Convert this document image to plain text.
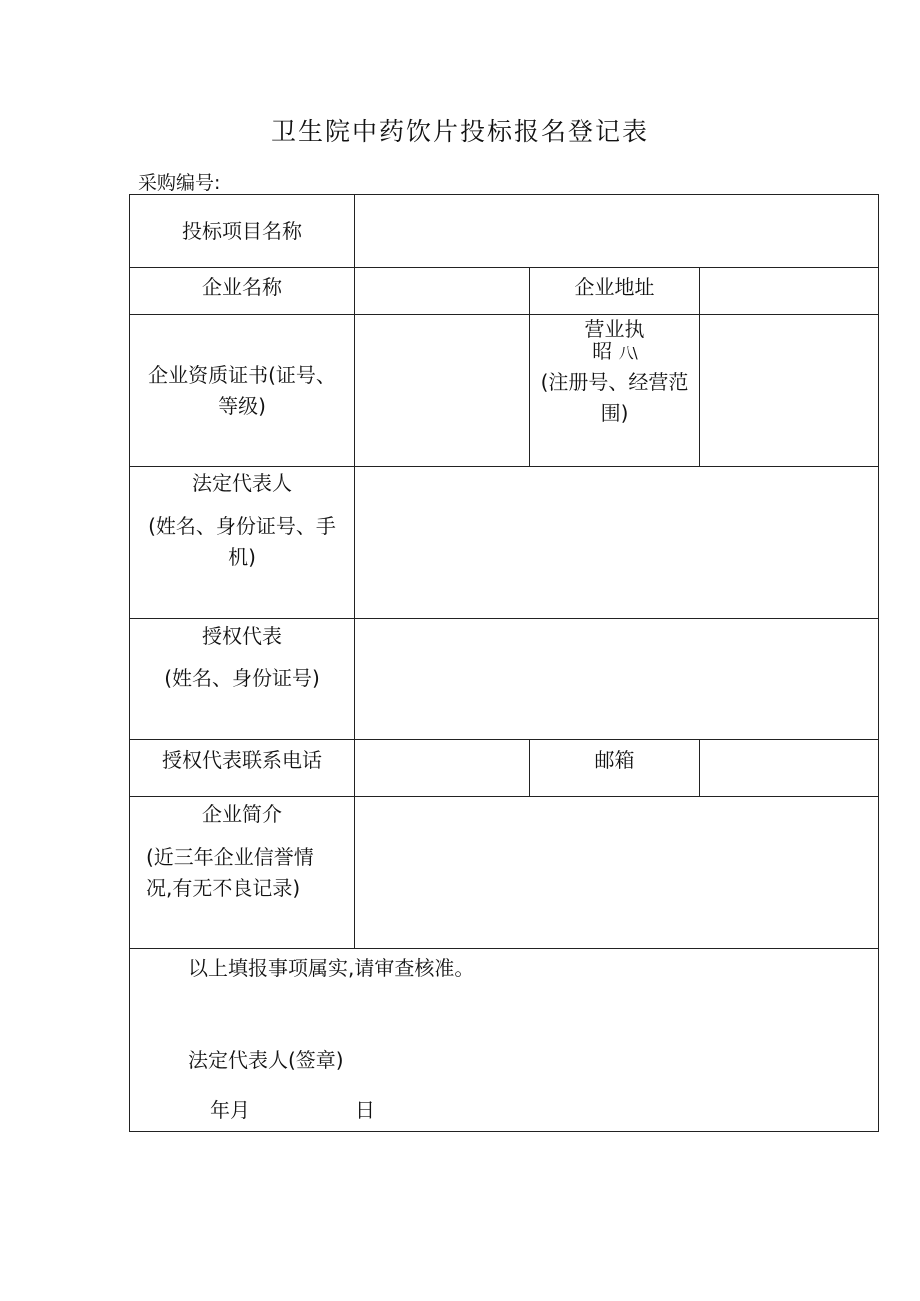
卫生院中药饮片投标报名登记表
采购编号:
投标项目名称			

企业名称		企业地址	

企业资质证书(证号、等级)		营业执
昭 八\
(注册号、经营范围)	

法定代表人
(姓名、身份证号、手机)			

授权代表
(姓名、身份证号)			

授权代表联系电话		邮箱	

企业简介
(近三年企业信誉情况,有无不良记录)			

以上填报事项属实,请审查核准。
法定代表人(签章)
年月 日			
